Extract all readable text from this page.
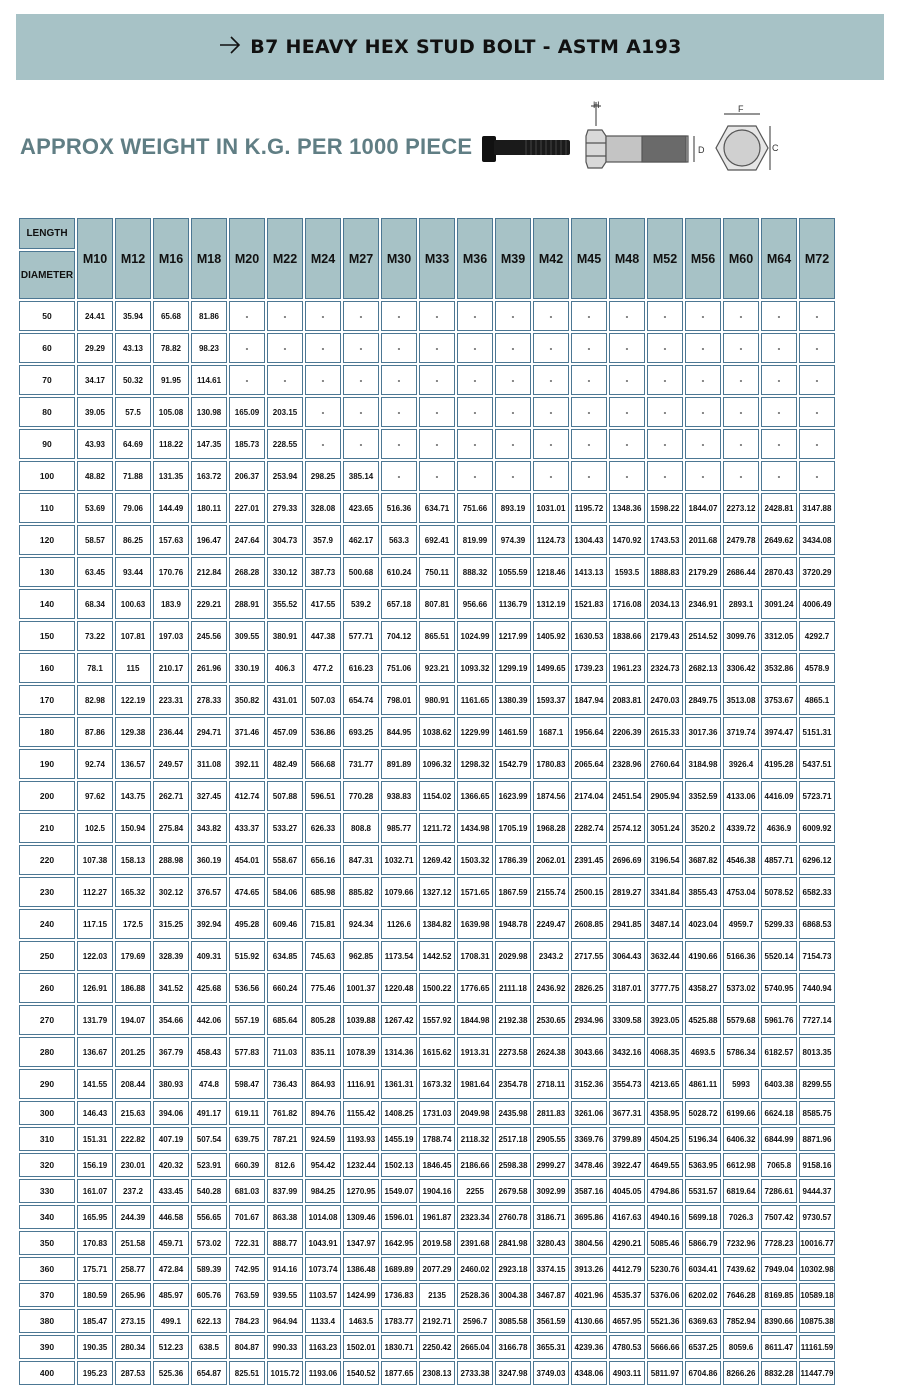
B7 HEAVY HEX STUD BOLT - ASTM A193
APPROX WEIGHT IN K.G. PER 1000 PIECE
H
D
F
C
LENGTH	M10	M12	M16	M18	M20	M22	M24	M27	M30	M33	M36	M39	M42	M45	M48	M52	M56	M60	M64	M72
DIAMETER																				
50	24.41	35.94	65.68	81.86	-	-	-	-	-	-	-	-	-	-	-	-	-	-	-	-
60	29.29	43.13	78.82	98.23	-	-	-	-	-	-	-	-	-	-	-	-	-	-	-	-
70	34.17	50.32	91.95	114.61	-	-	-	-	-	-	-	-	-	-	-	-	-	-	-	-
80	39.05	57.5	105.08	130.98	165.09	203.15	-	-	-	-	-	-	-	-	-	-	-	-	-	-
90	43.93	64.69	118.22	147.35	185.73	228.55	-	-	-	-	-	-	-	-	-	-	-	-	-	-
100	48.82	71.88	131.35	163.72	206.37	253.94	298.25	385.14	-	-	-	-	-	-	-	-	-	-	-	-
110	53.69	79.06	144.49	180.11	227.01	279.33	328.08	423.65	516.36	634.71	751.66	893.19	1031.01	1195.72	1348.36	1598.22	1844.07	2273.12	2428.81	3147.88
120	58.57	86.25	157.63	196.47	247.64	304.73	357.9	462.17	563.3	692.41	819.99	974.39	1124.73	1304.43	1470.92	1743.53	2011.68	2479.78	2649.62	3434.08
130	63.45	93.44	170.76	212.84	268.28	330.12	387.73	500.68	610.24	750.11	888.32	1055.59	1218.46	1413.13	1593.5	1888.83	2179.29	2686.44	2870.43	3720.29
140	68.34	100.63	183.9	229.21	288.91	355.52	417.55	539.2	657.18	807.81	956.66	1136.79	1312.19	1521.83	1716.08	2034.13	2346.91	2893.1	3091.24	4006.49
150	73.22	107.81	197.03	245.56	309.55	380.91	447.38	577.71	704.12	865.51	1024.99	1217.99	1405.92	1630.53	1838.66	2179.43	2514.52	3099.76	3312.05	4292.7
160	78.1	115	210.17	261.96	330.19	406.3	477.2	616.23	751.06	923.21	1093.32	1299.19	1499.65	1739.23	1961.23	2324.73	2682.13	3306.42	3532.86	4578.9
170	82.98	122.19	223.31	278.33	350.82	431.01	507.03	654.74	798.01	980.91	1161.65	1380.39	1593.37	1847.94	2083.81	2470.03	2849.75	3513.08	3753.67	4865.1
180	87.86	129.38	236.44	294.71	371.46	457.09	536.86	693.25	844.95	1038.62	1229.99	1461.59	1687.1	1956.64	2206.39	2615.33	3017.36	3719.74	3974.47	5151.31
190	92.74	136.57	249.57	311.08	392.11	482.49	566.68	731.77	891.89	1096.32	1298.32	1542.79	1780.83	2065.64	2328.96	2760.64	3184.98	3926.4	4195.28	5437.51
200	97.62	143.75	262.71	327.45	412.74	507.88	596.51	770.28	938.83	1154.02	1366.65	1623.99	1874.56	2174.04	2451.54	2905.94	3352.59	4133.06	4416.09	5723.71
210	102.5	150.94	275.84	343.82	433.37	533.27	626.33	808.8	985.77	1211.72	1434.98	1705.19	1968.28	2282.74	2574.12	3051.24	3520.2	4339.72	4636.9	6009.92
220	107.38	158.13	288.98	360.19	454.01	558.67	656.16	847.31	1032.71	1269.42	1503.32	1786.39	2062.01	2391.45	2696.69	3196.54	3687.82	4546.38	4857.71	6296.12
230	112.27	165.32	302.12	376.57	474.65	584.06	685.98	885.82	1079.66	1327.12	1571.65	1867.59	2155.74	2500.15	2819.27	3341.84	3855.43	4753.04	5078.52	6582.33
240	117.15	172.5	315.25	392.94	495.28	609.46	715.81	924.34	1126.6	1384.82	1639.98	1948.78	2249.47	2608.85	2941.85	3487.14	4023.04	4959.7	5299.33	6868.53
250	122.03	179.69	328.39	409.31	515.92	634.85	745.63	962.85	1173.54	1442.52	1708.31	2029.98	2343.2	2717.55	3064.43	3632.44	4190.66	5166.36	5520.14	7154.73
260	126.91	186.88	341.52	425.68	536.56	660.24	775.46	1001.37	1220.48	1500.22	1776.65	2111.18	2436.92	2826.25	3187.01	3777.75	4358.27	5373.02	5740.95	7440.94
270	131.79	194.07	354.66	442.06	557.19	685.64	805.28	1039.88	1267.42	1557.92	1844.98	2192.38	2530.65	2934.96	3309.58	3923.05	4525.88	5579.68	5961.76	7727.14
280	136.67	201.25	367.79	458.43	577.83	711.03	835.11	1078.39	1314.36	1615.62	1913.31	2273.58	2624.38	3043.66	3432.16	4068.35	4693.5	5786.34	6182.57	8013.35
290	141.55	208.44	380.93	474.8	598.47	736.43	864.93	1116.91	1361.31	1673.32	1981.64	2354.78	2718.11	3152.36	3554.73	4213.65	4861.11	5993	6403.38	8299.55
300	146.43	215.63	394.06	491.17	619.11	761.82	894.76	1155.42	1408.25	1731.03	2049.98	2435.98	2811.83	3261.06	3677.31	4358.95	5028.72	6199.66	6624.18	8585.75
310	151.31	222.82	407.19	507.54	639.75	787.21	924.59	1193.93	1455.19	1788.74	2118.32	2517.18	2905.55	3369.76	3799.89	4504.25	5196.34	6406.32	6844.99	8871.96
320	156.19	230.01	420.32	523.91	660.39	812.6	954.42	1232.44	1502.13	1846.45	2186.66	2598.38	2999.27	3478.46	3922.47	4649.55	5363.95	6612.98	7065.8	9158.16
330	161.07	237.2	433.45	540.28	681.03	837.99	984.25	1270.95	1549.07	1904.16	2255	2679.58	3092.99	3587.16	4045.05	4794.86	5531.57	6819.64	7286.61	9444.37
340	165.95	244.39	446.58	556.65	701.67	863.38	1014.08	1309.46	1596.01	1961.87	2323.34	2760.78	3186.71	3695.86	4167.63	4940.16	5699.18	7026.3	7507.42	9730.57
350	170.83	251.58	459.71	573.02	722.31	888.77	1043.91	1347.97	1642.95	2019.58	2391.68	2841.98	3280.43	3804.56	4290.21	5085.46	5866.79	7232.96	7728.23	10016.77
360	175.71	258.77	472.84	589.39	742.95	914.16	1073.74	1386.48	1689.89	2077.29	2460.02	2923.18	3374.15	3913.26	4412.79	5230.76	6034.41	7439.62	7949.04	10302.98
370	180.59	265.96	485.97	605.76	763.59	939.55	1103.57	1424.99	1736.83	2135	2528.36	3004.38	3467.87	4021.96	4535.37	5376.06	6202.02	7646.28	8169.85	10589.18
380	185.47	273.15	499.1	622.13	784.23	964.94	1133.4	1463.5	1783.77	2192.71	2596.7	3085.58	3561.59	4130.66	4657.95	5521.36	6369.63	7852.94	8390.66	10875.38
390	190.35	280.34	512.23	638.5	804.87	990.33	1163.23	1502.01	1830.71	2250.42	2665.04	3166.78	3655.31	4239.36	4780.53	5666.66	6537.25	8059.6	8611.47	11161.59
400	195.23	287.53	525.36	654.87	825.51	1015.72	1193.06	1540.52	1877.65	2308.13	2733.38	3247.98	3749.03	4348.06	4903.11	5811.97	6704.86	8266.26	8832.28	11447.79
